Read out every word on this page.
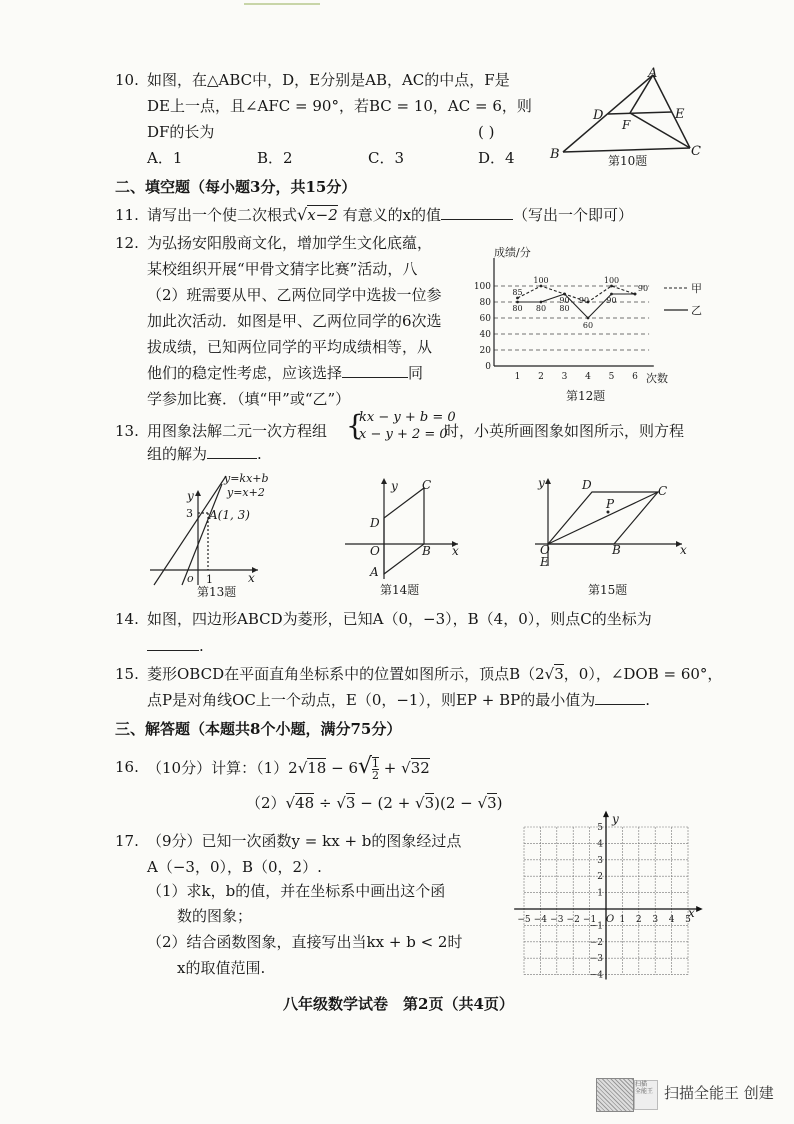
10. 如图，在△ABC中，D，E分别是AB，AC的中点，F是
DE上一点，且∠AFC = 90°，若BC = 10，AC = 6，则
DF的长为	( )
A．1	B．2	C．3	D．4
A
B	C
D	E
F
第10题
二、填空题（每小题3分，共15分）
11. 请写出一个使二次根式√x−2 有意义的x的值	（写出一个即可）
12. 为弘扬安阳殷商文化，增加学生文化底蕴，
某校组织开展“甲骨文猜字比赛”活动，八
（2）班需要从甲、乙两位同学中选拔一位参
加此次活动．如图是甲、乙两位同学的6次选
拔成绩，已知两位同学的平均成绩相等，从
他们的稳定性考虑，应该选择	同
学参加比赛．（填“甲”或“乙”）
0
20
40
60
80
100
1 2 3 4 5 6
85
100
90
100
90
80 80 80
90 90
60
成绩/分
次数
甲
乙
第12题
13. 用图象法解二元一次方程组 {
kx − y + b = 0
x − y + 2 = 0
时，小英所画图象如图所示，则方程
组的解为	.
y=kx+b
y=x+2
A(1, 3)
3
1
o	x
y
第13题
y
x
C
D
O	B
A
第14题
y
x
C
D
P
O	B
E
第15题
14. 如图，四边形ABCD为菱形，已知A（0，−3），B（4，0），则点C的坐标为
.
15. 菱形OBCD在平面直角坐标系中的位置如图所示，顶点B（2√3，0），∠DOB = 60°，
点P是对角线OC上一个动点，E（0，−1），则EP + BP的最小值为	.
三、解答题（本题共8个小题，满分75分）
16. （10分）计算：$(1)2√18 - 6√ \frac{1}{2} + √32$
（2）√48 ÷ √3 − (2 + √3)(2 − √3)
17. （9分）已知一次函数y = kx + b的图象经过点
A（−3，0），B（0，2）.
（1）求k，b的值，并在坐标系中画出这个函
数的图象；
（2）结合函数图象，直接写出当kx + b < 2时
x的取值范围.
−1
−2
−3
−4
−5	1 2 3 4 5
5
4
3
2
1
−1
−2
−3
−4
O	x
y
八年级数学试卷　第2页（共4页）
扫描
全能王 扫描全能王 创建
